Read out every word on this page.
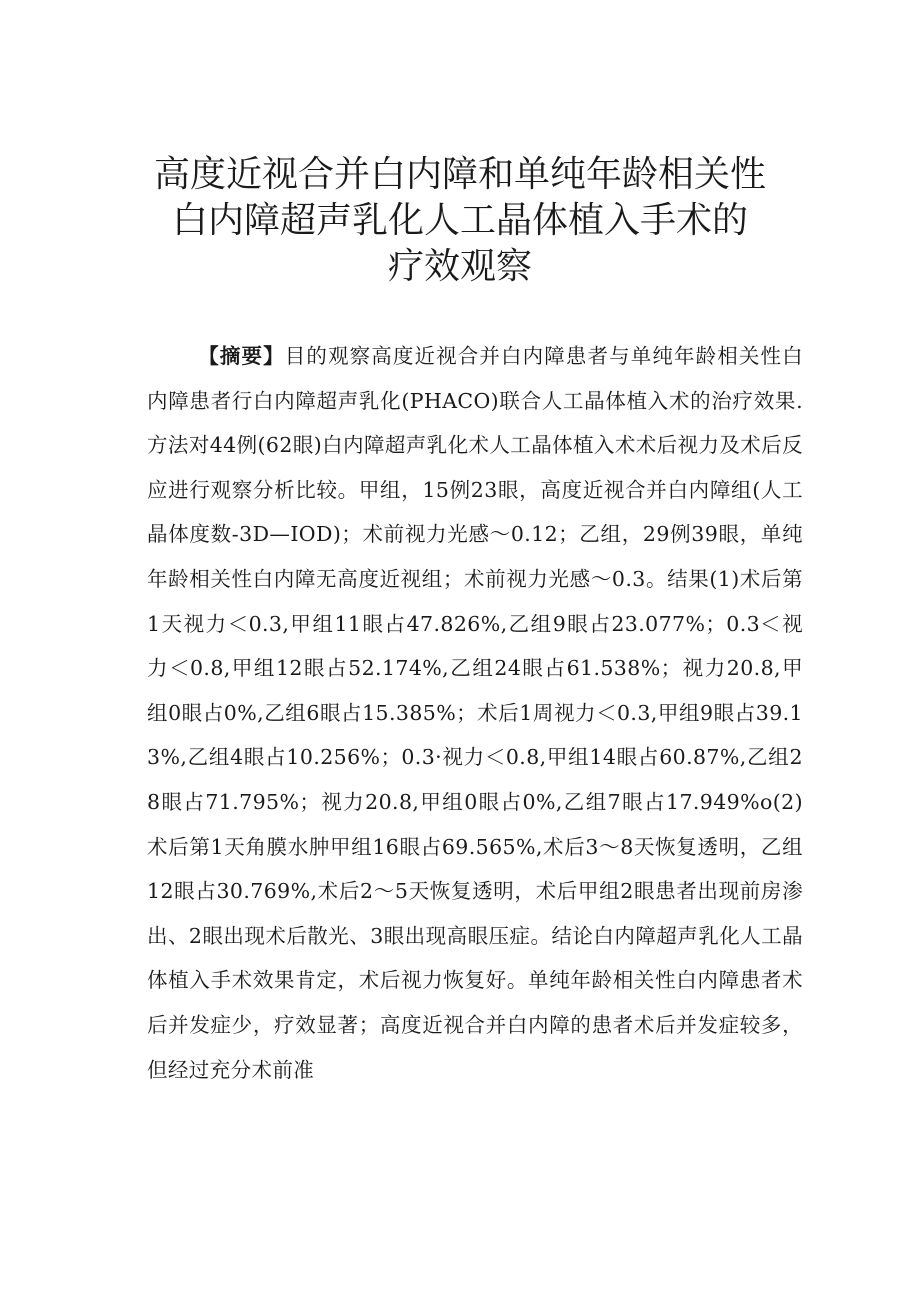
高度近视合并白内障和单纯年龄相关性
白内障超声乳化人工晶体植入手术的
疗效观察

【摘要】目的观察高度近视合并白内障患者与单纯年龄相关性白内障患者行白内障超声乳化(PHACO)联合人工晶体植入术的治疗效果.方法对44例(62眼)白内障超声乳化术人工晶体植入术术后视力及术后反应进行观察分析比较。甲组，15例23眼，高度近视合并白内障组(人工晶体度数-3D—IOD)；术前视力光感～0.12；乙组，29例39眼，单纯年龄相关性白内障无高度近视组；术前视力光感～0.3。结果(1)术后第1天视力＜0.3,甲组11眼占47.826%,乙组9眼占23.077%；0.3＜视力＜0.8,甲组12眼占52.174%,乙组24眼占61.538%；视力20.8,甲组0眼占0%,乙组6眼占15.385%；术后1周视力＜0.3,甲组9眼占39.13%,乙组4眼占10.256%；0.3·视力＜0.8,甲组14眼占60.87%,乙组28眼占71.795%；视力20.8,甲组0眼占0%,乙组7眼占17.949%o(2)术后第1天角膜水肿甲组16眼占69.565%,术后3～8天恢复透明，乙组12眼占30.769%,术后2～5天恢复透明，术后甲组2眼患者出现前房渗出、2眼出现术后散光、3眼出现高眼压症。结论白内障超声乳化人工晶体植入手术效果肯定，术后视力恢复好。单纯年龄相关性白内障患者术后并发症少，疗效显著；高度近视合并白内障的患者术后并发症较多，但经过充分术前准
